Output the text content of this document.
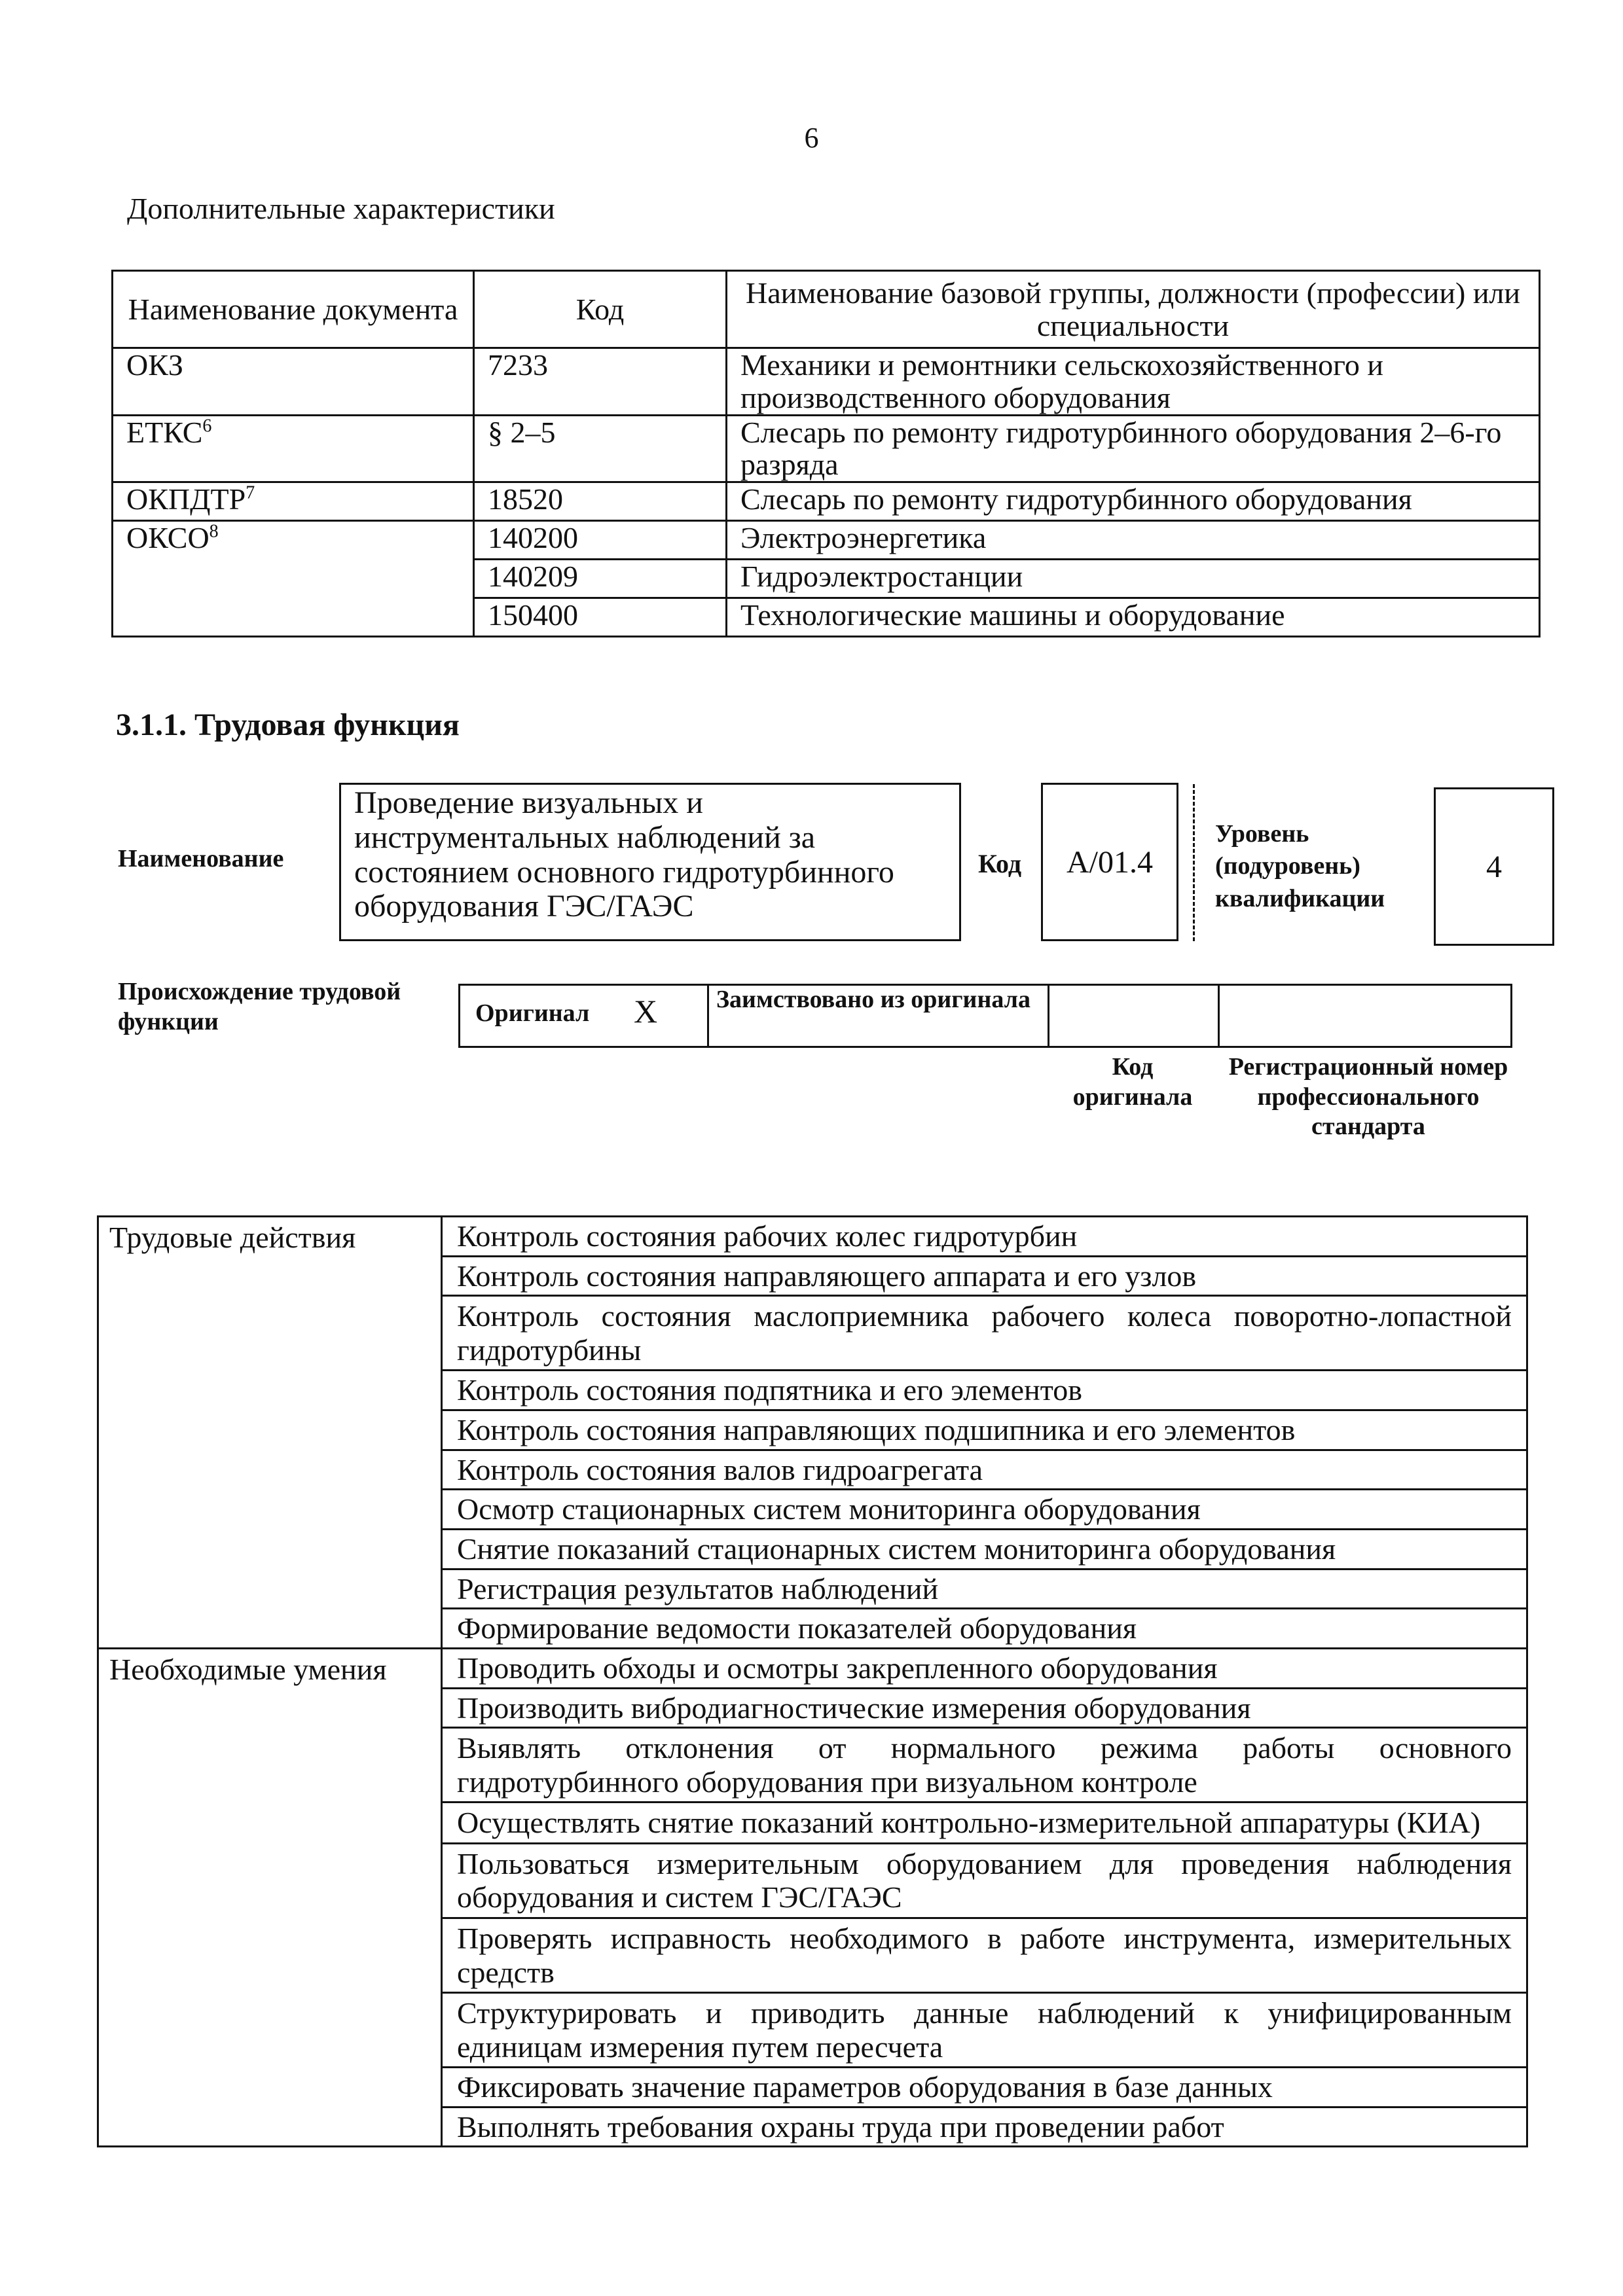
6
Дополнительные характеристики
Наименование документа	Код	Наименование базовой группы, должности (профессии) или специальности
ОКЗ	7233	Механики и ремонтники сельскохозяйственного и производственного оборудования
ЕТКС$^6$	§ 2–5	Слесарь по ремонту гидротурбинного оборудования 2–6-го разряда
ОКПДТР$^7$	18520	Слесарь по ремонту гидротурбинного оборудования
ОКСО$^8$	140200	Электроэнергетика
	140209	Гидроэлектростанции
	150400	Технологические машины и оборудование
3.1.1. Трудовая функция
Наименование
Проведение визуальных и инструментальных наблюдений за состоянием основного гидротурбинного оборудования ГЭС/ГАЭС
Код	А/01.4
Уровень (подуровень) квалификации
4
Происхождение трудовой функции	Оригинал X Заимствовано из оригинала
Код оригинала
Регистрационный номер профессионального стандарта
Трудовые действия	Контроль состояния рабочих колес гидротурбин
	Контроль состояния направляющего аппарата и его узлов
	Контроль состояния маслоприемника рабочего колеса поворотно-лопастной гидротурбины
	Контроль состояния подпятника и его элементов
	Контроль состояния направляющих подшипника и его элементов
	Контроль состояния валов гидроагрегата
	Осмотр стационарных систем мониторинга оборудования
	Снятие показаний стационарных систем мониторинга оборудования
	Регистрация результатов наблюдений
	Формирование ведомости показателей оборудования
Необходимые умения	Проводить обходы и осмотры закрепленного оборудования
	Производить вибродиагностические измерения оборудования
	Выявлять отклонения от нормального режима работы основного гидротурбинного оборудования при визуальном контроле
	Осуществлять снятие показаний контрольно-измерительной аппаратуры (КИА)
	Пользоваться измерительным оборудованием для проведения наблюдения оборудования и систем ГЭС/ГАЭС
	Проверять исправность необходимого в работе инструмента, измерительных средств
	Структурировать и приводить данные наблюдений к унифицированным единицам измерения путем пересчета
	Фиксировать значение параметров оборудования в базе данных
	Выполнять требования охраны труда при проведении работ
